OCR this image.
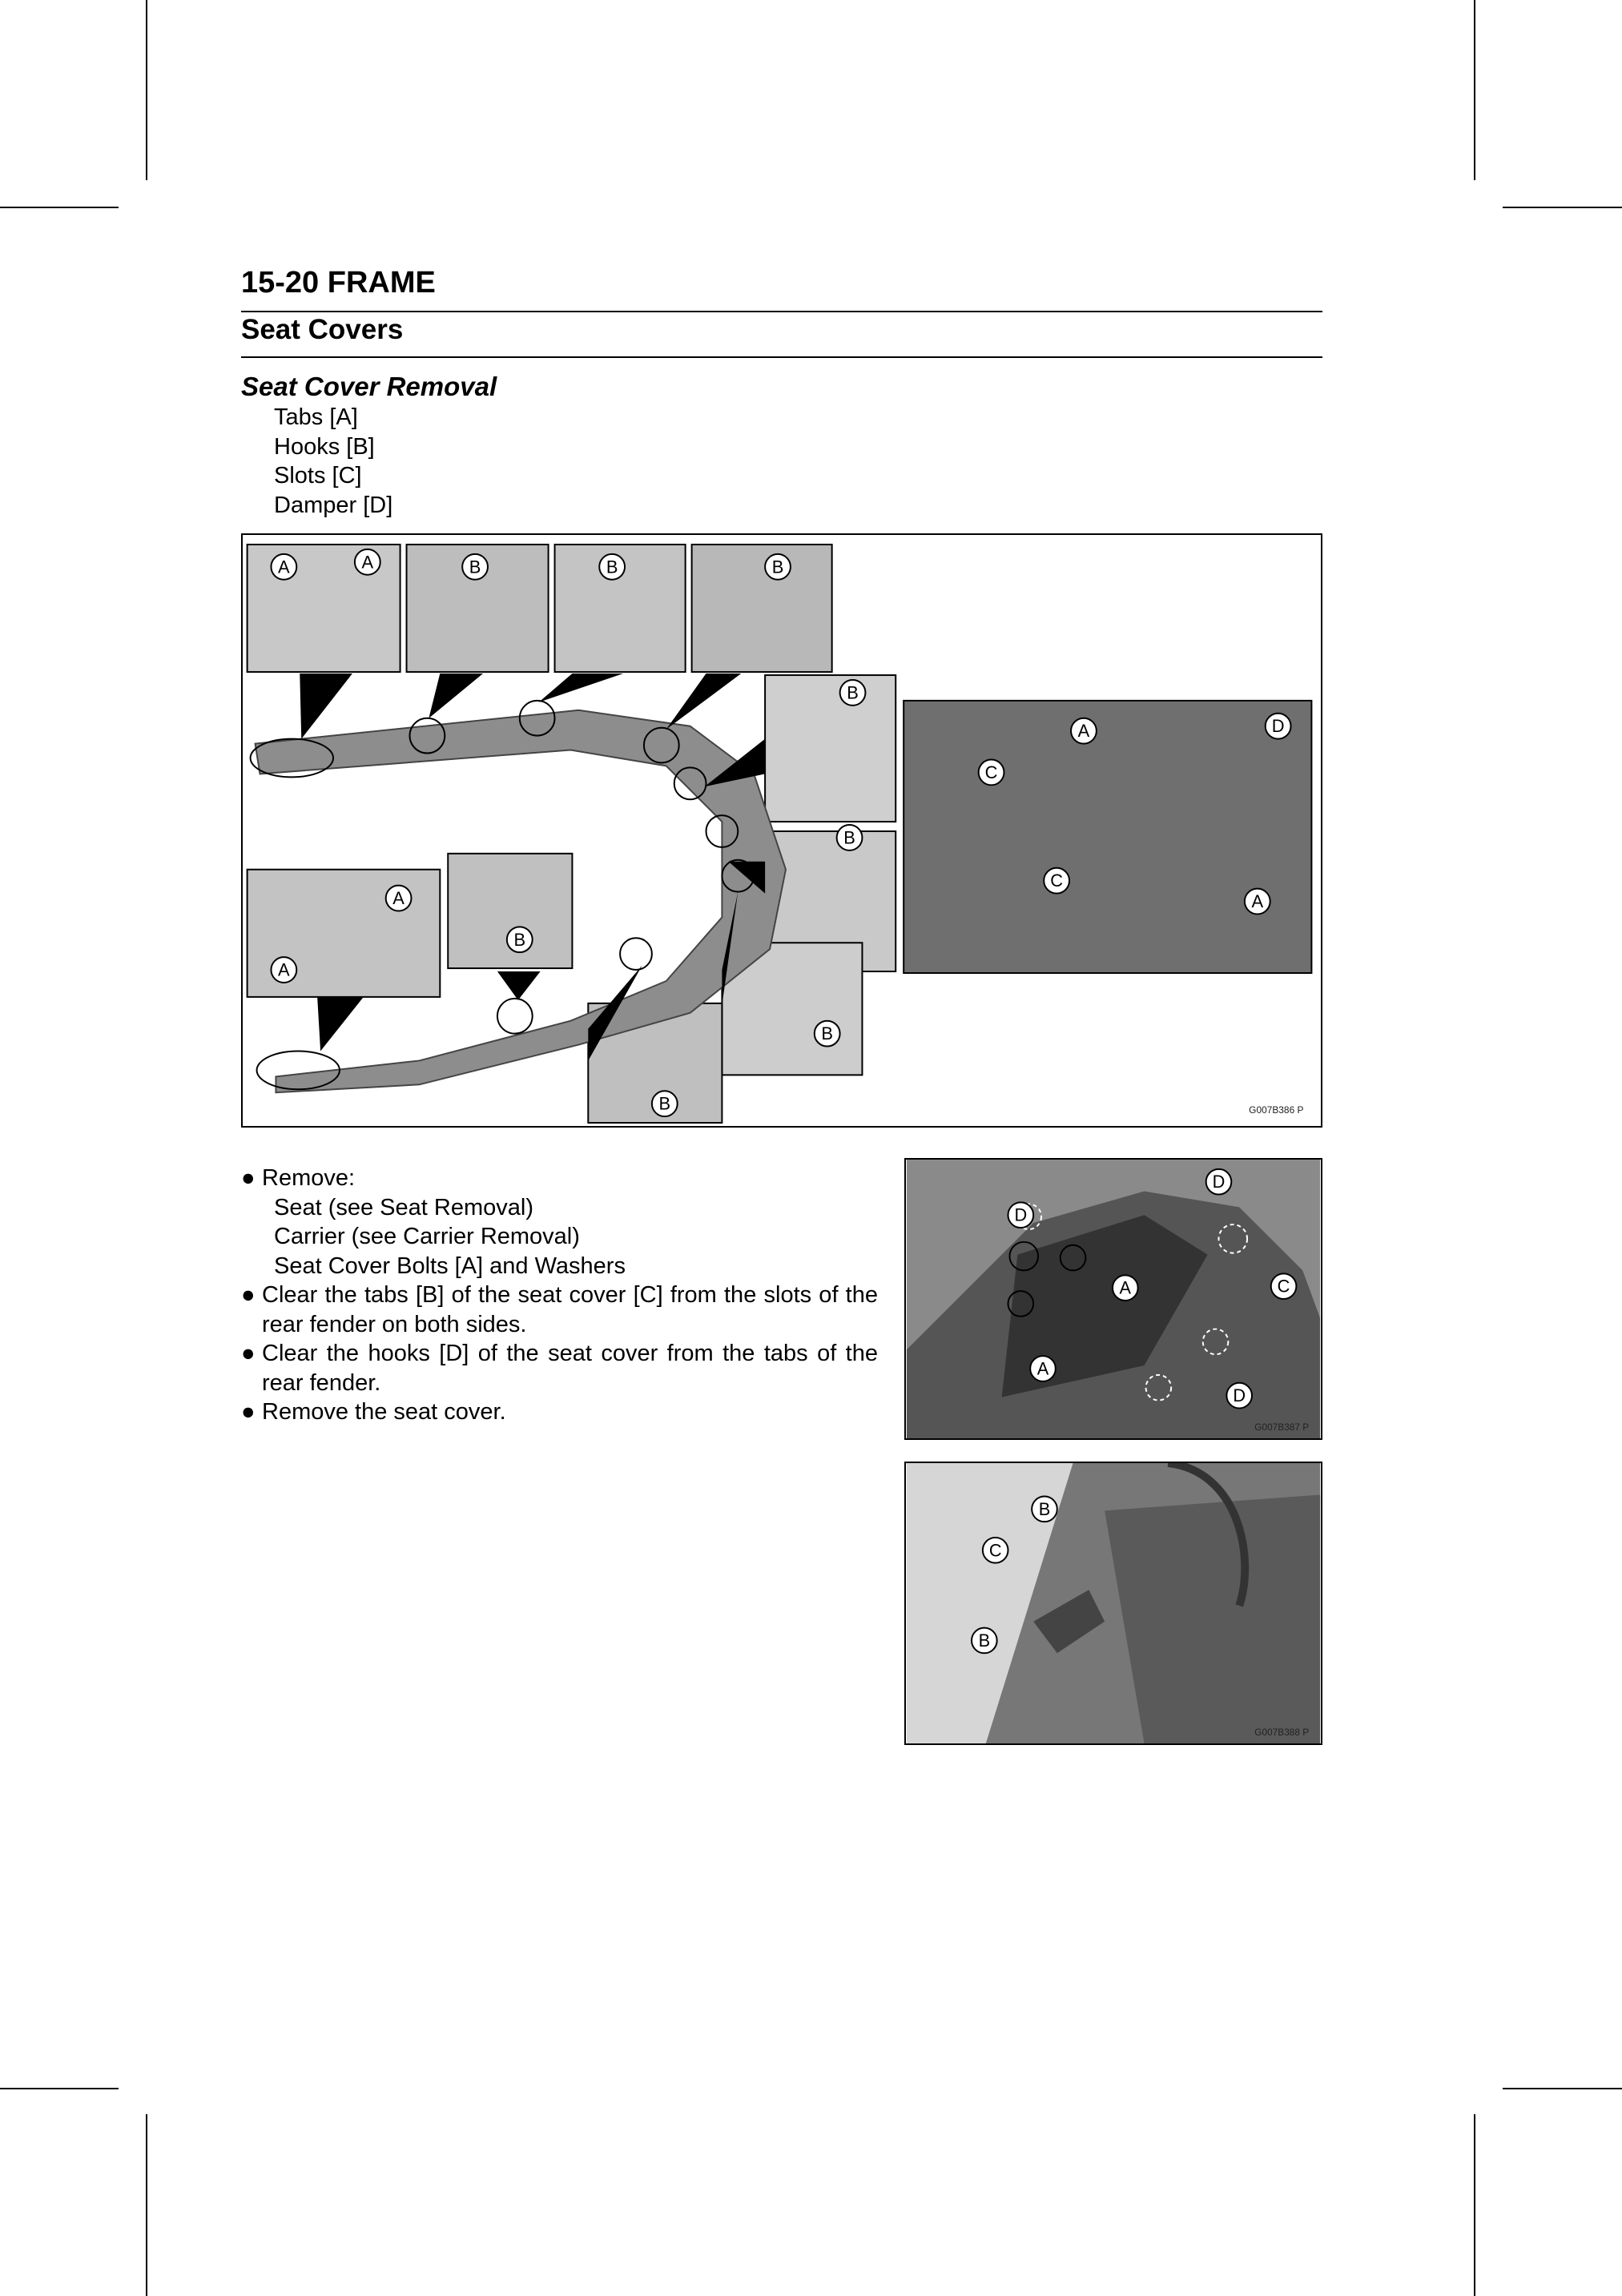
15-20 FRAME
Seat Covers
Seat Cover Removal
Tabs [A]
Hooks [B]
Slots [C]
Damper [D]
A	A	B	B	B
B
B
B
A
A
B
B
A	D
C
C
A
G007B386 P
● Remove:
Seat (see Seat Removal)
Carrier (see Carrier Removal)
Seat Cover Bolts [A] and Washers
● Clear the tabs [B] of the seat cover [C] from the slots of the rear fender on both sides.
● Clear the hooks [D] of the seat cover from the tabs of the rear fender.
● Remove the seat cover.
D
D
A	C
A
D
G007B387 P
B
C
B
G007B388 P
